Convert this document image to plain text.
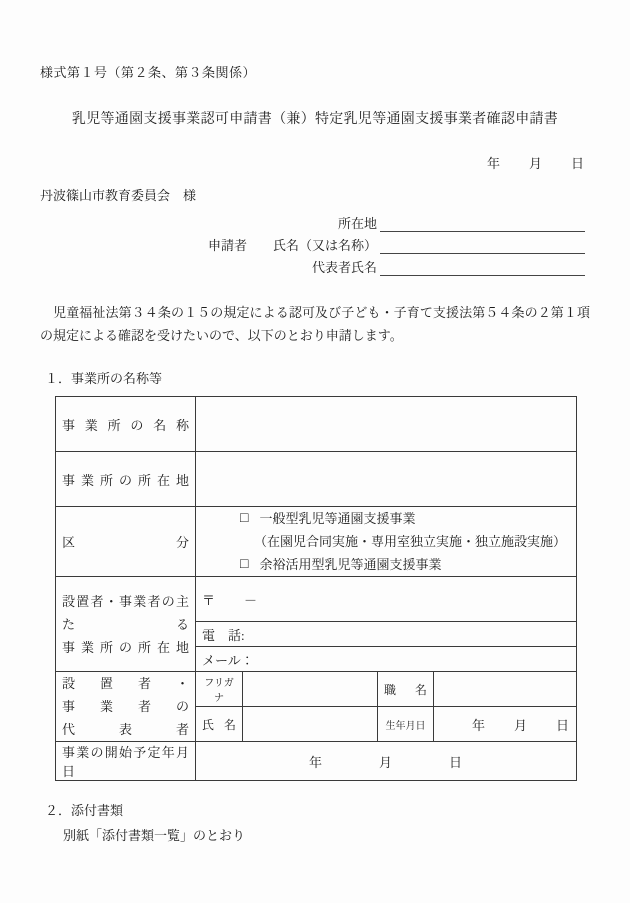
様式第１号（第２条、第３条関係）
乳児等通園支援事業認可申請書（兼）特定乳児等通園支援事業者確認申請書
年　　月　　日
丹波篠山市教育委員会　様
所在地
申請者 氏名（又は名称）
代表者氏名
　児童福祉法第３４条の１５の規定による認可及び子ども・子育て支援法第５４条の２第１項の規定による確認を受けたいので、以下のとおり申請します。
１．事業所の名称等
事業所の名称				
事業所の所在地				
区分	□ 一般型乳児等通園支援事業
（在園児合同実施・専用室独立実施・独立施設実施）
□ 余裕活用型乳児等通園支援事業			

設置者・事業者の主たる
事業所の所在地	〒　　－			
	電　話:			
	メール：			

設置者・
事業者の
代表者	フリガナ		職名	
	氏名		生年月日	年　　月　　日
事業の開始予定年月日	年　　　　月　　　　日			
２．添付書類
別紙「添付書類一覧」のとおり
